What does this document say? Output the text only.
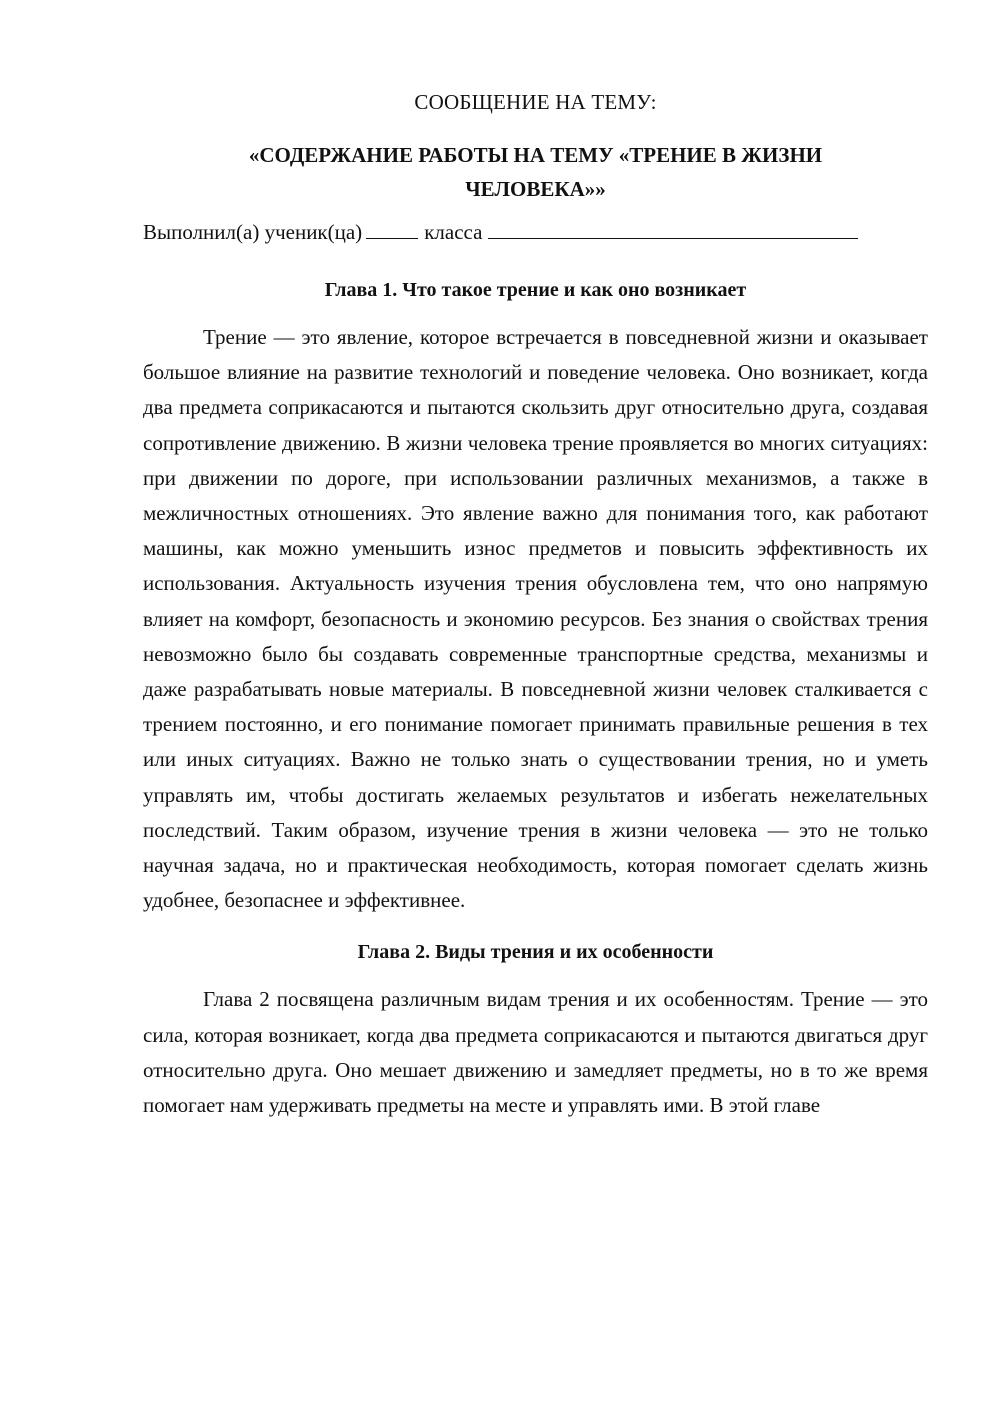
СООБЩЕНИЕ НА ТЕМУ:
«СОДЕРЖАНИЕ РАБОТЫ НА ТЕМУ «ТРЕНИЕ В ЖИЗНИ ЧЕЛОВЕКА»»
Выполнил(а) ученик(ца)	класса
Глава 1. Что такое трение и как оно возникает

Трение — это явление, которое встречается в повседневной жизни и оказывает большое влияние на развитие технологий и поведение человека. Оно возникает, когда два предмета соприкасаются и пытаются скользить друг относительно друга, создавая сопротивление движению. В жизни человека трение проявляется во многих ситуациях: при движении по дороге, при использовании различных механизмов, а также в межличностных отношениях. Это явление важно для понимания того, как работают машины, как можно уменьшить износ предметов и повысить эффективность их использования. Актуальность изучения трения обусловлена тем, что оно напрямую влияет на комфорт, безопасность и экономию ресурсов. Без знания о свойствах трения невозможно было бы создавать современные транспортные средства, механизмы и даже разрабатывать новые материалы. В повседневной жизни человек сталкивается с трением постоянно, и его понимание помогает принимать правильные решения в тех или иных ситуациях. Важно не только знать о существовании трения, но и уметь управлять им, чтобы достигать желаемых результатов и избегать нежелательных последствий. Таким образом, изучение трения в жизни человека — это не только научная задача, но и практическая необходимость, которая помогает сделать жизнь удобнее, безопаснее и эффективнее.

Глава 2. Виды трения и их особенности

Глава 2 посвящена различным видам трения и их особенностям. Трение — это сила, которая возникает, когда два предмета соприкасаются и пытаются двигаться друг относительно друга. Оно мешает движению и замедляет предметы, но в то же время помогает нам удерживать предметы на месте и управлять ими. В этой главе
